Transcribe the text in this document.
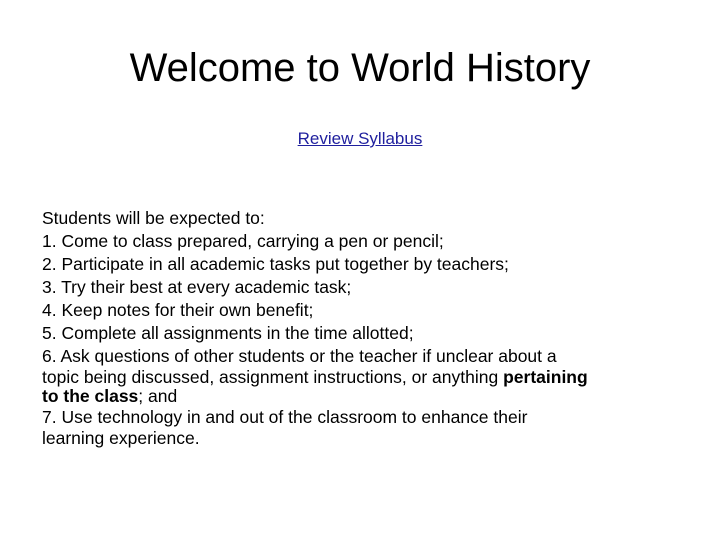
Welcome to World History
Review Syllabus
Students will be expected to:
1. Come to class prepared, carrying a pen or pencil;
2. Participate in all academic tasks put together by teachers;
3. Try their best at every academic task;
4. Keep notes for their own benefit;
5. Complete all assignments in the time allotted;
6. Ask questions of other students or the teacher if unclear about a
topic being discussed, assignment instructions, or anything pertaining
to the class; and
7. Use technology in and out of the classroom to enhance their
learning experience.
